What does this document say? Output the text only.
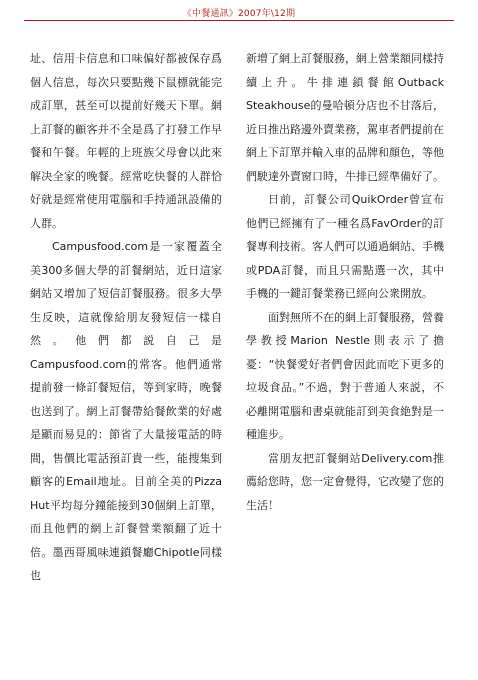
《中餐通訊》2007年\12期

址、信用卡信息和口味偏好都被保存爲個人信息，每次只要點幾下鼠標就能完成訂單，甚至可以提前好幾天下單。網上訂餐的顧客并不全是爲了打發工作早餐和午餐。年輕的上班族父母會以此來解决全家的晚餐。經常吃快餐的人群恰好就是經常使用電腦和手持通訊設備的人群。

Campusfood.com是一家覆蓋全美300多個大學的訂餐網站，近日這家網站又增加了短信訂餐服務。很多大學生反映，這就像給朋友發短信一樣自然。他們都説自己是Campusfood.com的常客。他們通常提前發一條訂餐短信，等到家時，晚餐也送到了。網上訂餐帶給餐飲業的好處是顯而易見的：節省了大量接電話的時間，售價比電話預訂貴一些，能搜集到顧客的Email地址。目前全美的Pizza Hut平均每分鐘能接到30個網上訂單，而且他們的網上訂餐營業額翻了近十倍。墨西哥風味連鎖餐廳Chipotle同樣也

新增了網上訂餐服務，網上營業額同樣持續上升。牛排連鎖餐館Outback Steakhouse的曼哈頓分店也不甘落后，近日推出路邊外賣業務，駕車者們提前在網上下訂單并輸入車的品牌和顔色，等他們駛達外賣窗口時，牛排已經準備好了。

日前，訂餐公司QuikOrder曾宣布他們已經擁有了一種名爲FavOrder的訂餐專利技術。客人們可以通過網站、手機或PDA訂餐，而且只需點選一次，其中手機的一鍵訂餐業務已經向公衆開放。

面對無所不在的網上訂餐服務，營養學教授Marion Nestle則表示了擔憂：“快餐愛好者們會因此而吃下更多的垃圾食品。”不過，對于普通人來説，不必離開電腦和書桌就能訂到美食絶對是一種進步。

當朋友把訂餐網站Delivery.com推薦給您時，您一定會覺得，它改變了您的生活！
